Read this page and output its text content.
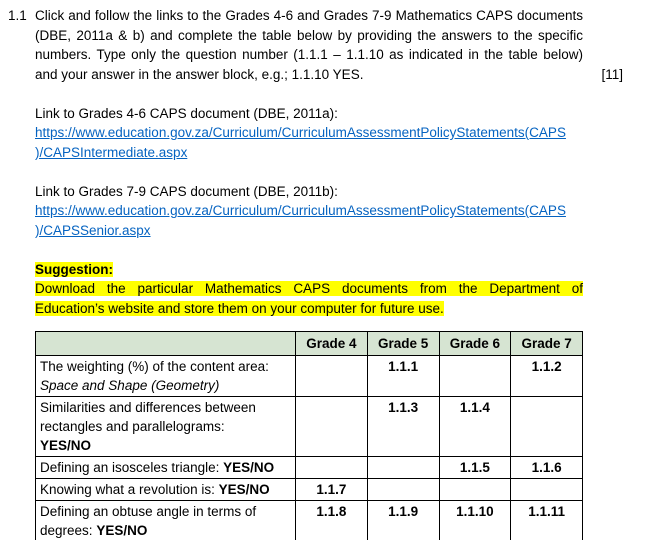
1.1 Click and follow the links to the Grades 4-6 and Grades 7-9 Mathematics CAPS documents (DBE, 2011a & b) and complete the table below by providing the answers to the specific numbers. Type only the question number (1.1.1 – 1.1.10 as indicated in the table below) and your answer in the answer block, e.g.; 1.1.10 YES.	[11]
Link to Grades 4-6 CAPS document (DBE, 2011a):
https://www.education.gov.za/Curriculum/CurriculumAssessmentPolicyStatements(CAPS
)/CAPSIntermediate.aspx
Link to Grades 7-9 CAPS document (DBE, 2011b):
https://www.education.gov.za/Curriculum/CurriculumAssessmentPolicyStatements(CAPS
)/CAPSSenior.aspx
Suggestion:
Download the particular Mathematics CAPS documents from the Department of
Education’s website and store them on your computer for future use.
	Grade 4	Grade 5	Grade 6	Grade 7
The weighting (%) of the content area:
Space and Shape (Geometry)		1.1.1		1.1.2
Similarities and differences between rectangles and parallelograms:
YES/NO		1.1.3	1.1.4	
Defining an isosceles triangle: YES/NO			1.1.5	1.1.6
Knowing what a revolution is: YES/NO	1.1.7			
Defining an obtuse angle in terms of degrees: YES/NO	1.1.8	1.1.9	1.1.10	1.1.11
